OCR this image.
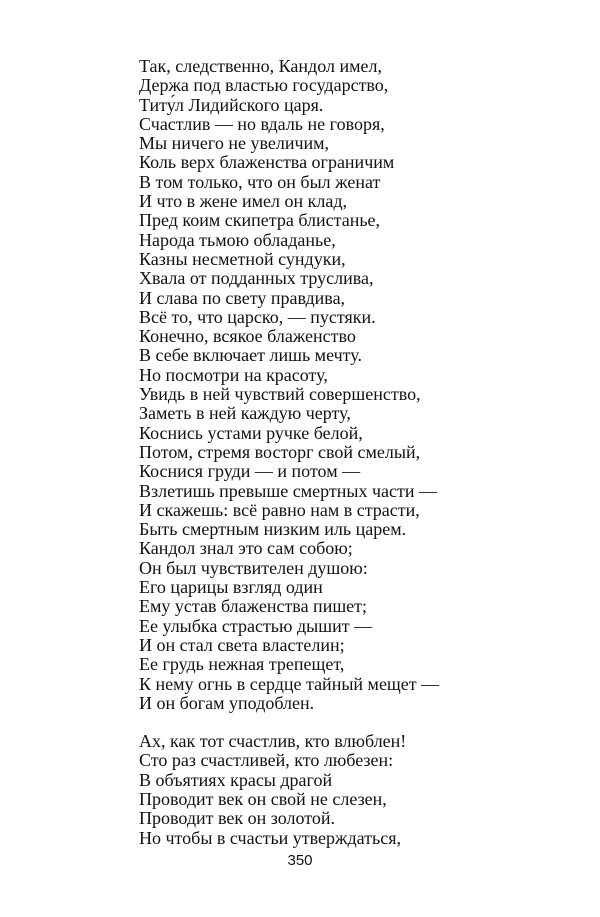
Так, следственно, Кандол имел,
Держа под властью государство,
Титу́л Лидийского царя.
Счастлив — но вдаль не говоря,
Мы ничего не увеличим,
Коль верх блаженства ограничим
В том только, что он был женат
И что в жене имел он клад,
Пред коим скипетра блистанье,
Народа тьмою обладанье,
Казны несметной сундуки,
Хвала от подданных труслива,
И слава по свету правдива,
Всё то, что царско, — пустяки.
Конечно, всякое блаженство
В себе включает лишь мечту.
Но посмотри на красоту,
Увидь в ней чувствий совершенство,
Заметь в ней каждую черту,
Коснись устами ручке белой,
Потом, стремя восторг свой смелый,
Коснися груди — и потом —
Взлетишь превыше смертных части —
И скажешь: всё равно нам в страсти,
Быть смертным низким иль царем.
Кандол знал это сам собою;
Он был чувствителен душою:
Его царицы взгляд один
Ему устав блаженства пишет;
Ее улыбка страстью дышит —
И он стал света властелин;
Ее грудь нежная трепещет,
К нему огнь в сердце тайный мещет —
И он богам уподоблен.
Ах, как тот счастлив, кто влюблен!
Сто раз счастливей, кто любезен:
В объятиях красы драгой
Проводит век он свой не слезен,
Проводит век он золотой.
Но чтобы в счастьи утверждаться,
350
